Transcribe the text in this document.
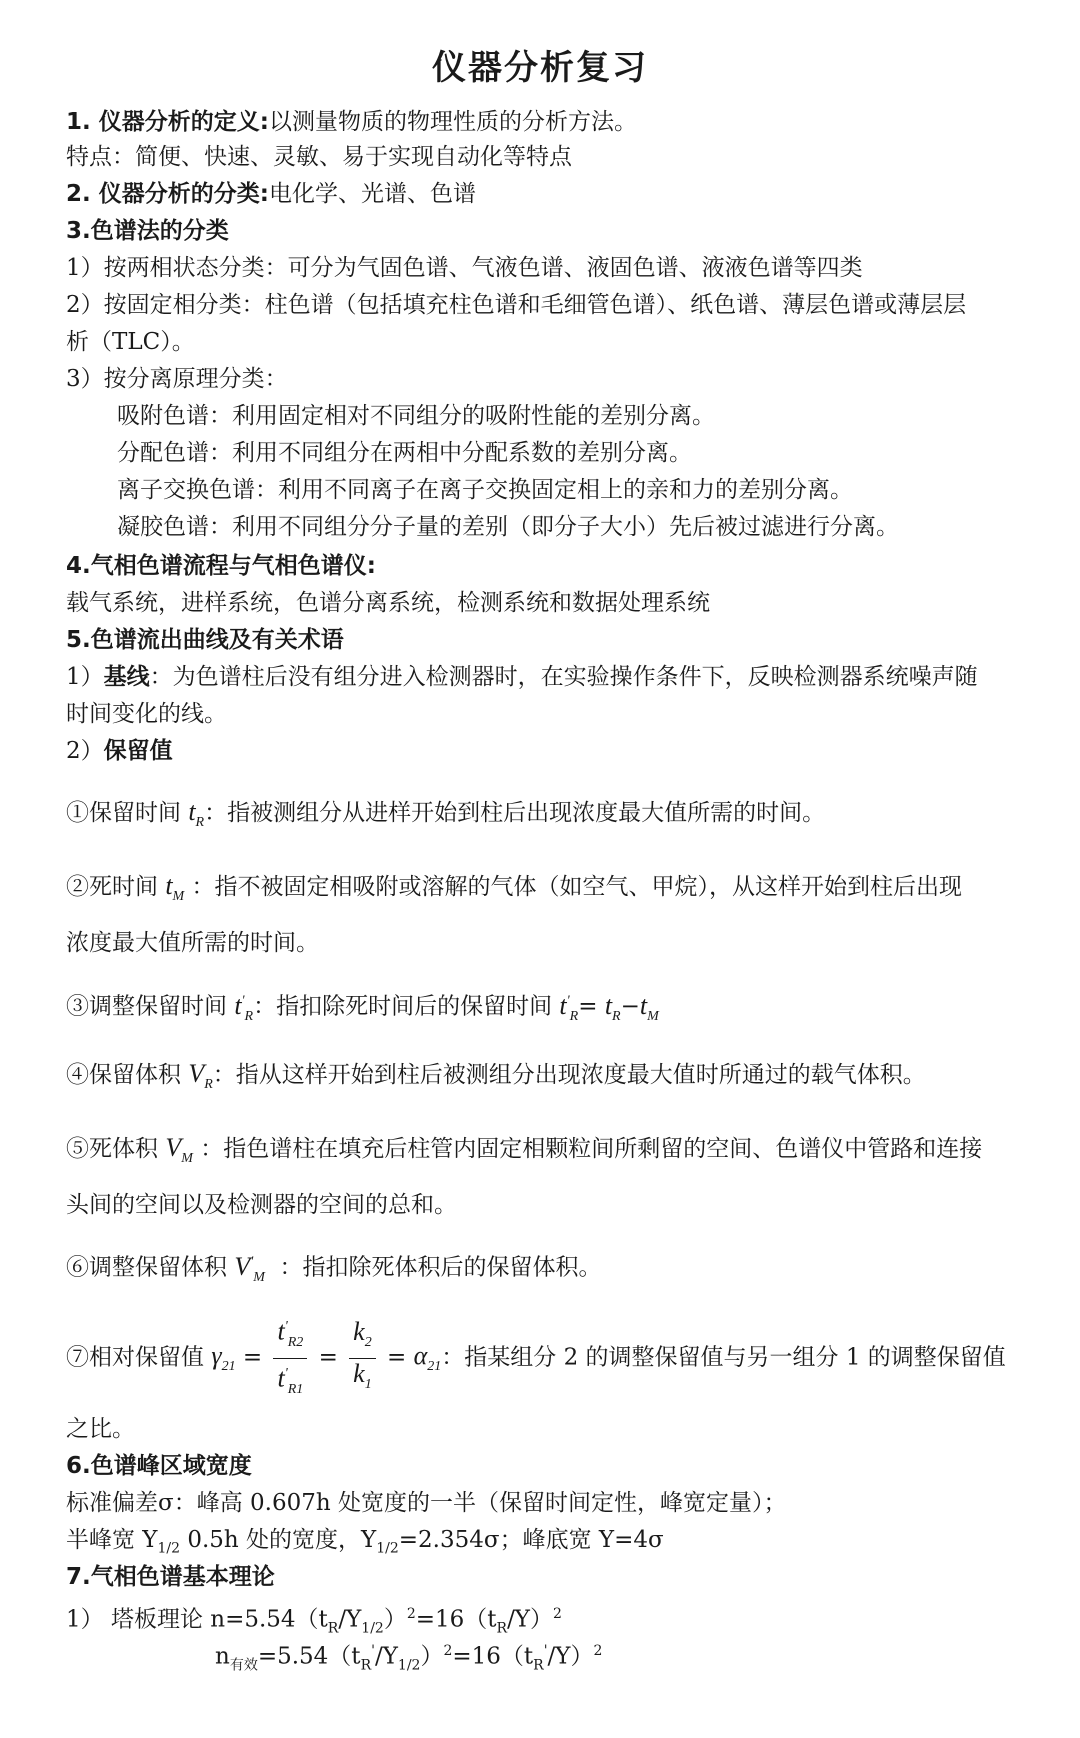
仪器分析复习
1. 仪器分析的定义:以测量物质的物理性质的分析方法。
特点：简便、快速、灵敏、易于实现自动化等特点
2. 仪器分析的分类:电化学、光谱、色谱
3.色谱法的分类
1）按两相状态分类：可分为气固色谱、气液色谱、液固色谱、液液色谱等四类
2）按固定相分类：柱色谱（包括填充柱色谱和毛细管色谱）、纸色谱、薄层色谱或薄层层
析（TLC）。
3）按分离原理分类：
吸附色谱：利用固定相对不同组分的吸附性能的差别分离。
分配色谱：利用不同组分在两相中分配系数的差别分离。
离子交换色谱：利用不同离子在离子交换固定相上的亲和力的差别分离。
凝胶色谱：利用不同组分分子量的差别（即分子大小）先后被过滤进行分离。
4.气相色谱流程与气相色谱仪:
载气系统，进样系统，色谱分离系统，检测系统和数据处理系统
5.色谱流出曲线及有关术语
1）基线：为色谱柱后没有组分进入检测器时，在实验操作条件下，反映检测器系统噪声随
时间变化的线。
2）保留值
①保留时间 $t_R$：指被测组分从进样开始到柱后出现浓度最大值所需的时间。
②死时间 $t_M$ ：指不被固定相吸附或溶解的气体（如空气、甲烷），从这样开始到柱后出现
浓度最大值所需的时间。
③调整保留时间 $t'_R$：指扣除死时间后的保留时间 $t'_R= t_R-t_M$
④保留体积 $V_R$：指从这样开始到柱后被测组分出现浓度最大值时所通过的载气体积。
⑤死体积 $V_M$ ：指色谱柱在填充后柱管内固定相颗粒间所剩留的空间、色谱仪中管路和连接
头间的空间以及检测器的空间的总和。
⑥调整保留体积 $V'_M$ ：指扣除死体积后的保留体积。
⑦相对保留值 $\gamma_{21} = \frac{t'_{R2}}{t'_{R1}} = \frac{k_2}{k_1} = \alpha_{21}$：指某组分 2 的调整保留值与另一组分 1 的调整保留值
之比。
6.色谱峰区域宽度
标准偏差σ：峰高 0.607h 处宽度的一半（保留时间定性，峰宽定量）；
半峰宽 $Y_{1/2}$ 0.5h 处的宽度，$Y_{1/2}=2.354\sigma$；峰底宽 Y=4σ
7.气相色谱基本理论
1） 塔板理论 $n=5.54(t_R/Y_{1/2})^2=16(t_R/Y)^2$
$n_{有效}=5.54(t_R'/Y_{1/2})^2=16(t_R'/Y)^2$
